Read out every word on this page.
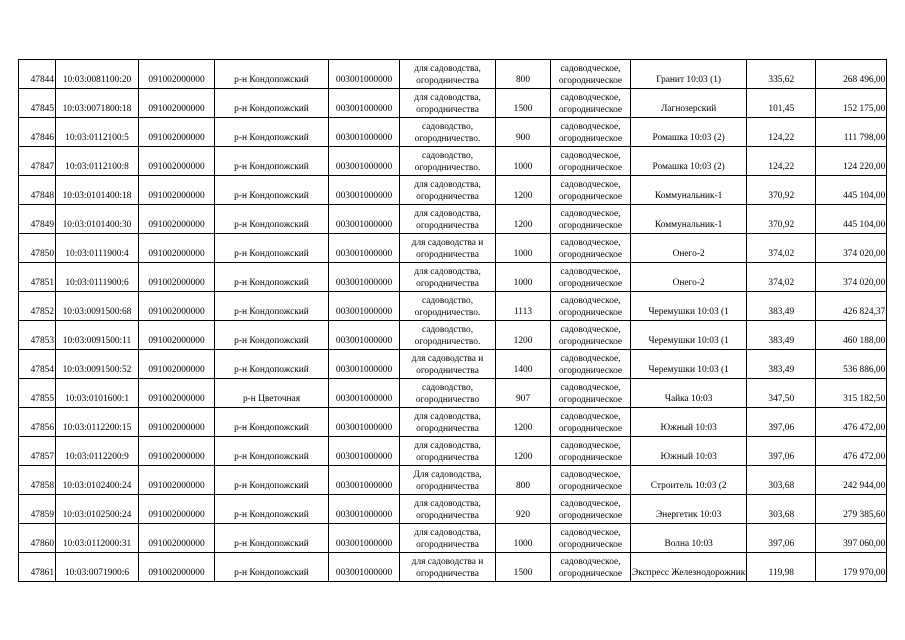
47844	10:03:0081100:20	091002000000	р-н Кондопожский	003001000000	для садоводства,
огородничества	800	садоводческое,
огородническое	Гранит 10:03 (1)	335,62	268 496,00

47845	10:03:0071800:18	091002000000	р-н Кондопожский	003001000000	для садоводства,
огородничества	1500	садоводческое,
огородническое	Лагнозерский	101,45	152 175,00

47846	10:03:0112100:5	091002000000	р-н Кондопожский	003001000000	садоводство,
огородничество.	900	садоводческое,
огородническое	Ромашка 10:03 (2)	124,22	111 798,00

47847	10:03:0112100:8	091002000000	р-н Кондопожский	003001000000	садоводство,
огородничество.	1000	садоводческое,
огородническое	Ромашка 10:03 (2)	124,22	124 220,00

47848	10:03:0101400:18	091002000000	р-н Кондопожский	003001000000	для садоводства,
огородничества	1200	садоводческое,
огородническое	Коммунальник-1	370,92	445 104,00

47849	10:03:0101400:30	091002000000	р-н Кондопожский	003001000000	для садоводства,
огородничества	1200	садоводческое,
огородническое	Коммунальник-1	370,92	445 104,00

47850	10:03:0111900:4	091002000000	р-н Кондопожский	003001000000	для садоводства и
огородничества	1000	садоводческое,
огородническое	Онего-2	374,02	374 020,00

47851	10:03:0111900:6	091002000000	р-н Кондопожский	003001000000	для садоводства,
огородничества	1000	садоводческое,
огородническое	Онего-2	374,02	374 020,00

47852	10:03:0091500:68	091002000000	р-н Кондопожский	003001000000	садоводство,
огородничество.	1113	садоводческое,
огородническое	Черемушки 10:03 (1	383,49	426 824,37

47853	10:03:0091500:11	091002000000	р-н Кондопожский	003001000000	садоводство,
огородничество.	1200	садоводческое,
огородническое	Черемушки 10:03 (1	383,49	460 188,00

47854	10:03:0091500:52	091002000000	р-н Кондопожский	003001000000	для садоводства и
огородничества	1400	садоводческое,
огородническое	Черемушки 10:03 (1	383,49	536 886,00

47855	10:03:0101600:1	091002000000	р-н Цветочная	003001000000	садоводство,
огородничество	907	садоводческое,
огородническое	Чайка 10:03	347,50	315 182,50

47856	10:03:0112200:15	091002000000	р-н Кондопожский	003001000000	для садоводства,
огородничества	1200	садоводческое,
огородническое	Южный 10:03	397,06	476 472,00

47857	10:03:0112200:9	091002000000	р-н Кондопожский	003001000000	для садоводства,
огородничества	1200	садоводческое,
огородническое	Южный 10:03	397,06	476 472,00

47858	10:03:0102400:24	091002000000	р-н Кондопожский	003001000000	Для садоводства,
огородничества	800	садоводческое,
огородническое	Строитель 10:03 (2	303,68	242 944,00

47859	10:03:0102500:24	091002000000	р-н Кондопожский	003001000000	для садоводства,
огородничества	920	садоводческое,
огородническое	Энергетик 10:03	303,68	279 385,60

47860	10:03:0112000:31	091002000000	р-н Кондопожский	003001000000	для садоводства,
огородничества	1000	садоводческое,
огородническое	Волна 10:03	397,06	397 060,00

47861	10:03:0071900:6	091002000000	р-н Кондопожский	003001000000	для садоводства и
огородничества	1500	садоводческое,
огородническое	Экспресс Железнодорожник	119,98	179 970,00
